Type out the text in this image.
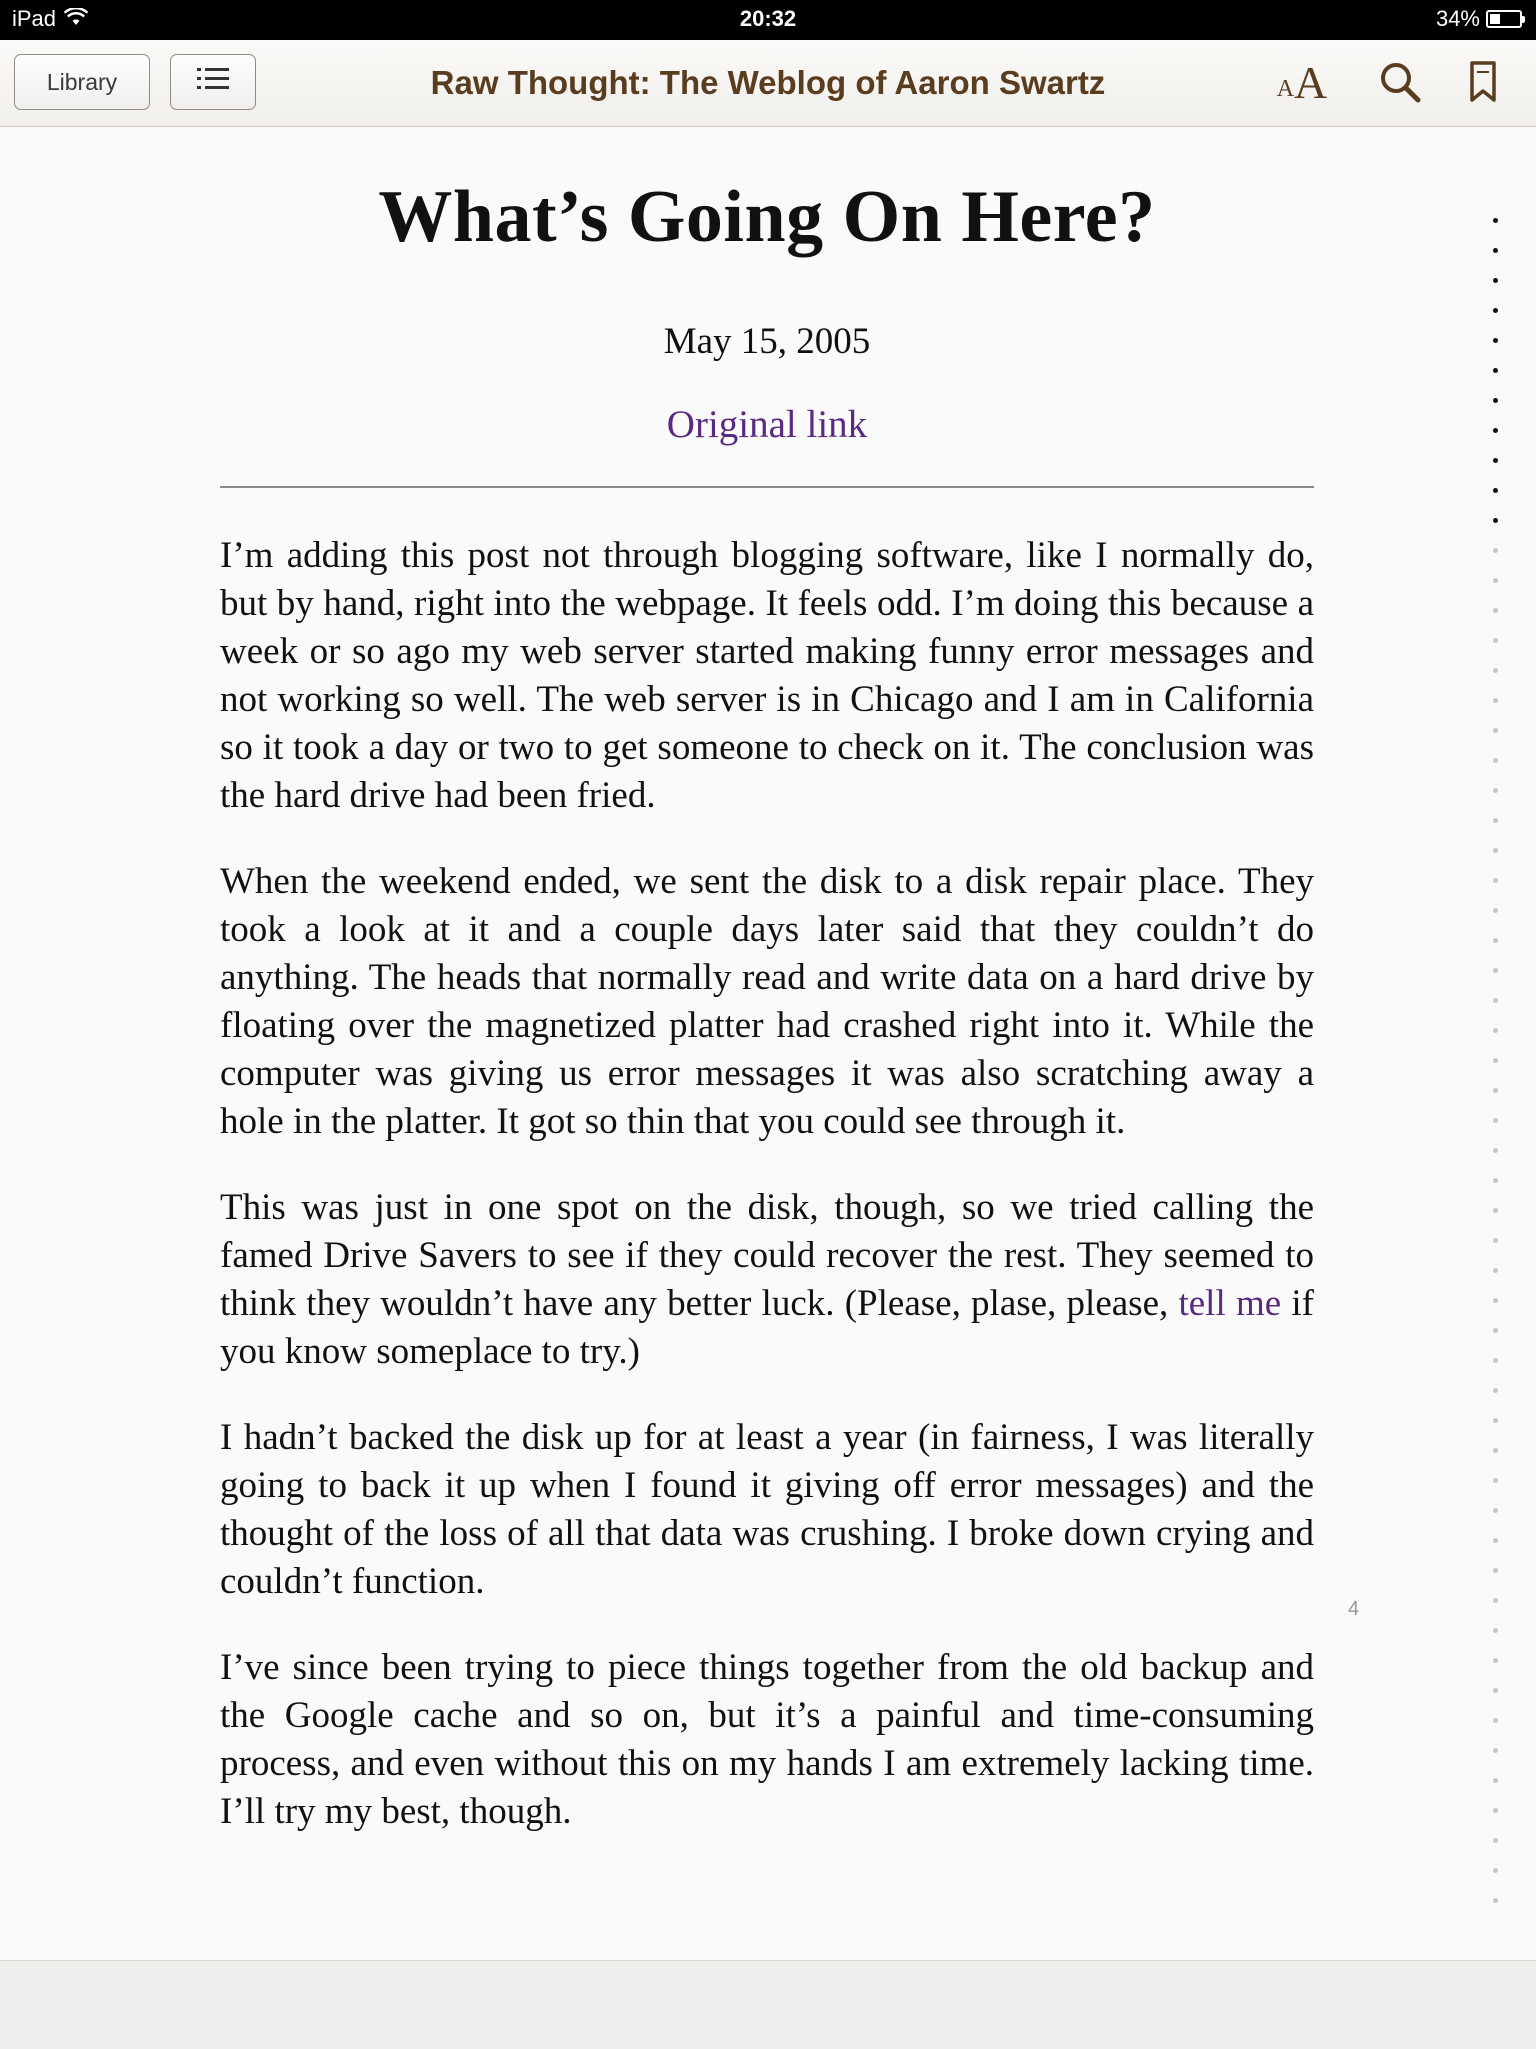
iPad	20:32	34%
Library	Raw Thought: The Weblog of Aaron Swartz	A A
What’s Going On Here?
May 15, 2005
Original link

I’m adding this post not through blogging software, like I normally do, but by hand, right into the webpage. It feels odd. I’m doing this because a week or so ago my web server started making funny error messages and not working so well. The web server is in Chicago and I am in California so it took a day or two to get someone to check on it. The conclusion was the hard drive had been fried.

When the weekend ended, we sent the disk to a disk repair place. They took a look at it and a couple days later said that they couldn’t do anything. The heads that normally read and write data on a hard drive by floating over the magnetized platter had crashed right into it. While the computer was giving us error messages it was also scratching away a hole in the platter. It got so thin that you could see through it.

This was just in one spot on the disk, though, so we tried calling the famed Drive Savers to see if they could recover the rest. They seemed to think they wouldn’t have any better luck. (Please, plase, please, tell me if you know someplace to try.)

I hadn’t backed the disk up for at least a year (in fairness, I was literally going to back it up when I found it giving off error messages) and the thought of the loss of all that data was crushing. I broke down crying and couldn’t function.

I’ve since been trying to piece things together from the old backup and the Google cache and so on, but it’s a painful and time-consuming process, and even without this on my hands I am extremely lacking time. I’ll try my best, though.

4
